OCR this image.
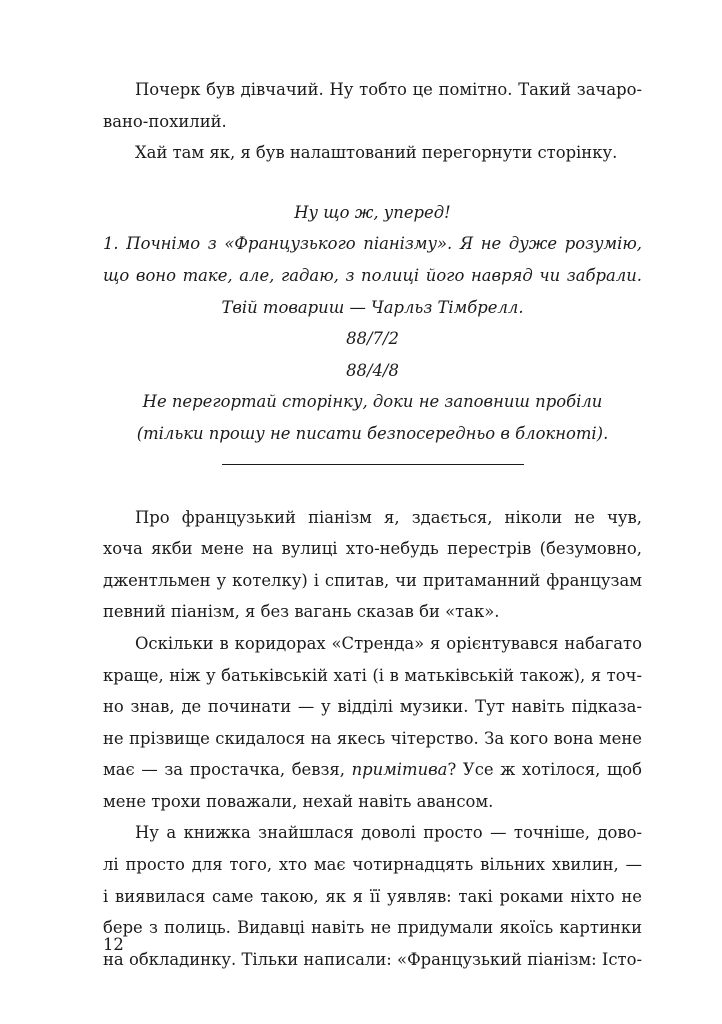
Почерк був дівчачий. Ну тобто це помітно. Такий зачаро-

вано-похилий.

Хай там як, я був налаштований перегорнути сторінку.

Ну що ж, уперед!
1. Почнімо з «Французького піанізму». Я не дуже розумію,
що воно таке, але, гадаю, з полиці його навряд чи забрали.
Твій товариш — Чарльз Тімбрелл.
88/7/2
88/4/8
Не перегортай сторінку, доки не заповниш пробіли
(тільки прошу не писати безпосередньо в блокноті).

Про французький піанізм я, здається, ніколи не чув,

хоча якби мене на вулиці хто-небудь перестрів (безумовно,

джентльмен у котелку) і спитав, чи притаманний французам

певний піанізм, я без вагань сказав би «так».

Оскільки в коридорах «Стренда» я орієнтувався набагато

краще, ніж у батьківській хаті (і в матьківській також), я точ-

но знав, де починати — у відділі музики. Тут навіть підказа-

не прізвище скидалося на якесь чітерство. За кого вона мене

має — за простачка, бевзя, примітива? Усе ж хотілося, щоб

мене трохи поважали, нехай навіть авансом.

Ну а книжка знайшлася доволі просто — точніше, дово-

лі просто для того, хто має чотирнадцять вільних хвилин, —

і виявилася саме такою, як я її уявляв: такі роками ніхто не

бере з полиць. Видавці навіть не придумали якоїсь картинки

на обкладинку. Тільки написали: «Французький піанізм: Істо-

12
